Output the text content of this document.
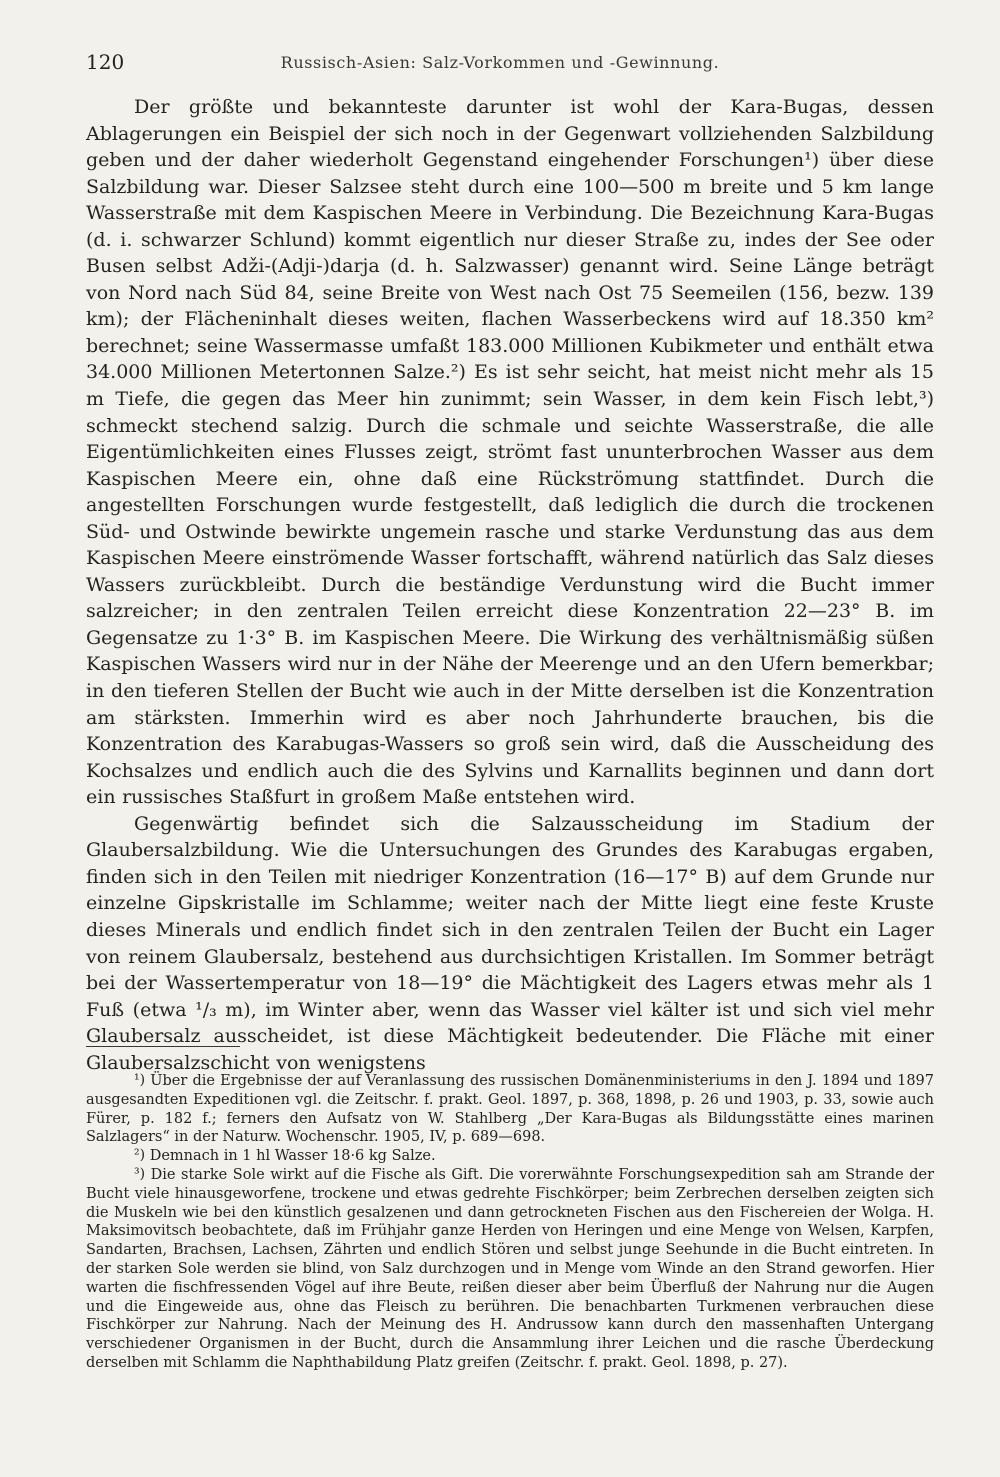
120	Russisch-Asien: Salz-Vorkommen und -Gewinnung.

Der größte und bekannteste darunter ist wohl der Kara-Bugas, dessen Ablagerungen ein Beispiel der sich noch in der Gegenwart vollziehenden Salzbildung geben und der daher wiederholt Gegenstand eingehender Forschungen¹) über diese Salzbildung war. Dieser Salzsee steht durch eine 100—500 m breite und 5 km lange Wasserstraße mit dem Kaspischen Meere in Verbindung. Die Bezeichnung Kara-Bugas (d. i. schwarzer Schlund) kommt eigentlich nur dieser Straße zu, indes der See oder Busen selbst Adži-(Adji-)darja (d. h. Salzwasser) genannt wird. Seine Länge beträgt von Nord nach Süd 84, seine Breite von West nach Ost 75 Seemeilen (156, bezw. 139 km); der Flächeninhalt dieses weiten, flachen Wasserbeckens wird auf 18.350 km² berechnet; seine Wassermasse umfaßt 183.000 Millionen Kubikmeter und enthält etwa 34.000 Millionen Metertonnen Salze.²) Es ist sehr seicht, hat meist nicht mehr als 15 m Tiefe, die gegen das Meer hin zunimmt; sein Wasser, in dem kein Fisch lebt,³) schmeckt stechend salzig. Durch die schmale und seichte Wasserstraße, die alle Eigentümlichkeiten eines Flusses zeigt, strömt fast ununterbrochen Wasser aus dem Kaspischen Meere ein, ohne daß eine Rückströmung stattfindet. Durch die angestellten Forschungen wurde festgestellt, daß lediglich die durch die trockenen Süd- und Ostwinde bewirkte ungemein rasche und starke Verdunstung das aus dem Kaspischen Meere einströmende Wasser fortschafft, während natürlich das Salz dieses Wassers zurückbleibt. Durch die beständige Verdunstung wird die Bucht immer salzreicher; in den zentralen Teilen erreicht diese Konzentration 22—23° B. im Gegensatze zu 1·3° B. im Kaspischen Meere. Die Wirkung des verhältnismäßig süßen Kaspischen Wassers wird nur in der Nähe der Meerenge und an den Ufern bemerkbar; in den tieferen Stellen der Bucht wie auch in der Mitte derselben ist die Konzentration am stärksten. Immerhin wird es aber noch Jahrhunderte brauchen, bis die Konzentration des Karabugas-Wassers so groß sein wird, daß die Ausscheidung des Kochsalzes und endlich auch die des Sylvins und Karnallits beginnen und dann dort ein russisches Staßfurt in großem Maße entstehen wird.

Gegenwärtig befindet sich die Salzausscheidung im Stadium der Glaubersalzbildung. Wie die Untersuchungen des Grundes des Karabugas ergaben, finden sich in den Teilen mit niedriger Konzentration (16—17° B) auf dem Grunde nur einzelne Gipskristalle im Schlamme; weiter nach der Mitte liegt eine feste Kruste dieses Minerals und endlich findet sich in den zentralen Teilen der Bucht ein Lager von reinem Glaubersalz, bestehend aus durchsichtigen Kristallen. Im Sommer beträgt bei der Wassertemperatur von 18—19° die Mächtigkeit des Lagers etwas mehr als 1 Fuß (etwa ¹/₃ m), im Winter aber, wenn das Wasser viel kälter ist und sich viel mehr Glaubersalz ausscheidet, ist diese Mächtigkeit bedeutender. Die Fläche mit einer Glaubersalzschicht von wenigstens

¹) Über die Ergebnisse der auf Veranlassung des russischen Domänenministeriums in den J. 1894 und 1897 ausgesandten Expeditionen vgl. die Zeitschr. f. prakt. Geol. 1897, p. 368, 1898, p. 26 und 1903, p. 33, sowie auch Fürer, p. 182 f.; ferners den Aufsatz von W. Stahlberg „Der Kara-Bugas als Bildungsstätte eines marinen Salzlagers“ in der Naturw. Wochenschr. 1905, IV, p. 689—698.

²) Demnach in 1 hl Wasser 18·6 kg Salze.

³) Die starke Sole wirkt auf die Fische als Gift. Die vorerwähnte Forschungsexpedition sah am Strande der Bucht viele hinausgeworfene, trockene und etwas gedrehte Fischkörper; beim Zerbrechen derselben zeigten sich die Muskeln wie bei den künstlich gesalzenen und dann getrockneten Fischen aus den Fischereien der Wolga. H. Maksimovitsch beobachtete, daß im Frühjahr ganze Herden von Heringen und eine Menge von Welsen, Karpfen, Sandarten, Brachsen, Lachsen, Zährten und endlich Stören und selbst junge Seehunde in die Bucht eintreten. In der starken Sole werden sie blind, von Salz durchzogen und in Menge vom Winde an den Strand geworfen. Hier warten die fischfressenden Vögel auf ihre Beute, reißen dieser aber beim Überfluß der Nahrung nur die Augen und die Eingeweide aus, ohne das Fleisch zu berühren. Die benachbarten Turkmenen verbrauchen diese Fischkörper zur Nahrung. Nach der Meinung des H. Andrussow kann durch den massenhaften Untergang verschiedener Organismen in der Bucht, durch die Ansammlung ihrer Leichen und die rasche Überdeckung derselben mit Schlamm die Naphthabildung Platz greifen (Zeitschr. f. prakt. Geol. 1898, p. 27).
